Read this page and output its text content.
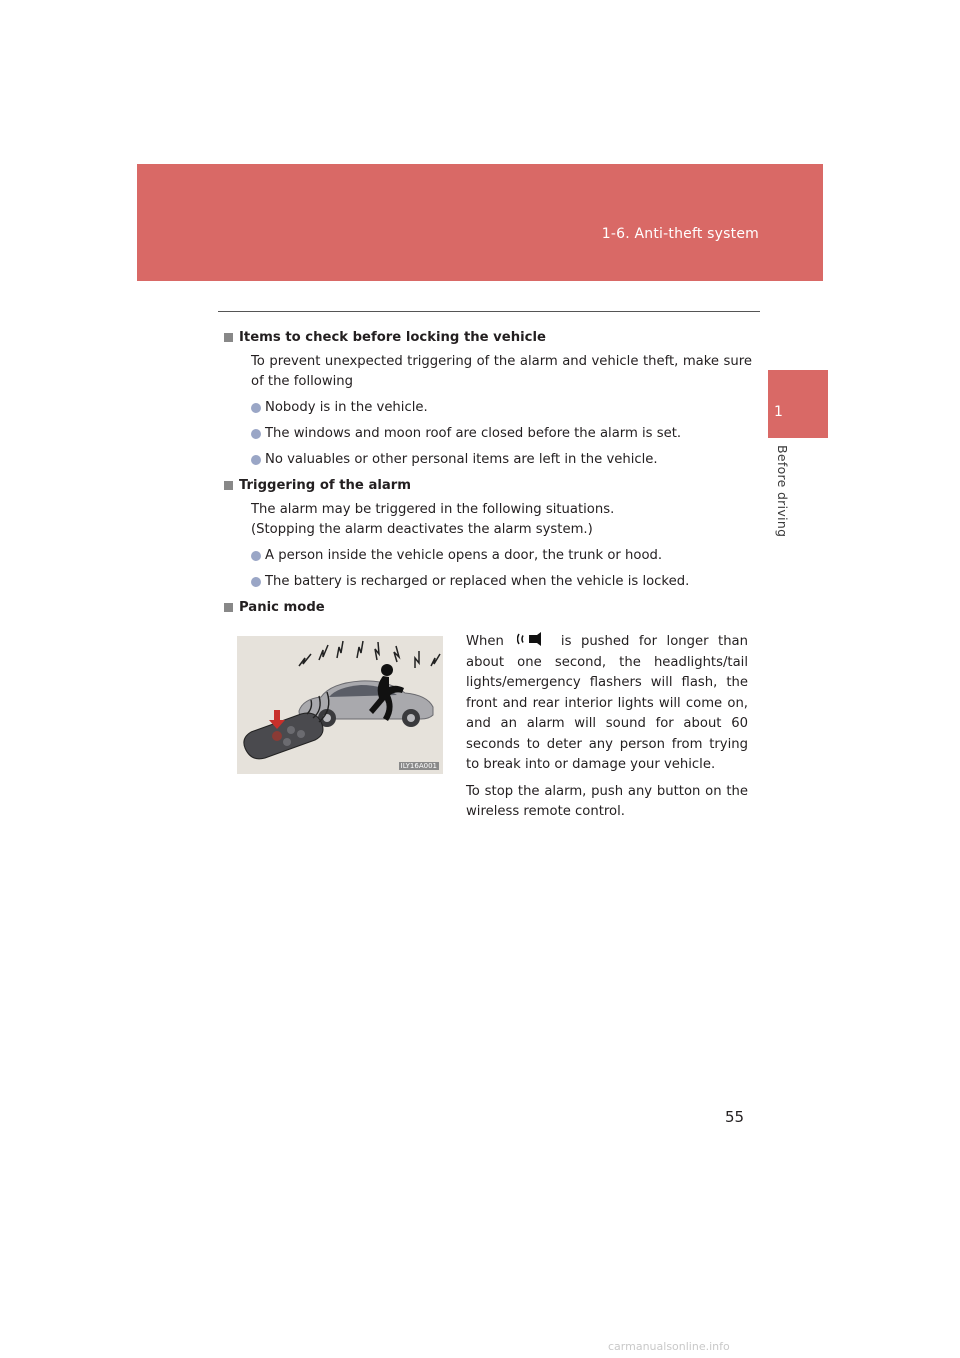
1-6. Anti-theft system
1
Before driving
Items to check before locking the vehicle
To prevent unexpected triggering of the alarm and vehicle theft, make sure of the following
Nobody is in the vehicle.
The windows and moon roof are closed before the alarm is set.
No valuables or other personal items are left in the vehicle.
Triggering of the alarm
The alarm may be triggered in the following situations.
(Stopping the alarm deactivates the alarm system.)
A person inside the vehicle opens a door, the trunk or hood.
The battery is recharged or replaced when the vehicle is locked.
Panic mode
ILY16A001

When	is pushed for longer than about one second, the headlights/tail lights/emergency flashers will flash, the front and rear interior lights will come on, and an alarm will sound for about 60 seconds to deter any person from trying to break into or damage your vehicle.

To stop the alarm, push any button on the wireless remote control.

55
carmanualsonline.info
